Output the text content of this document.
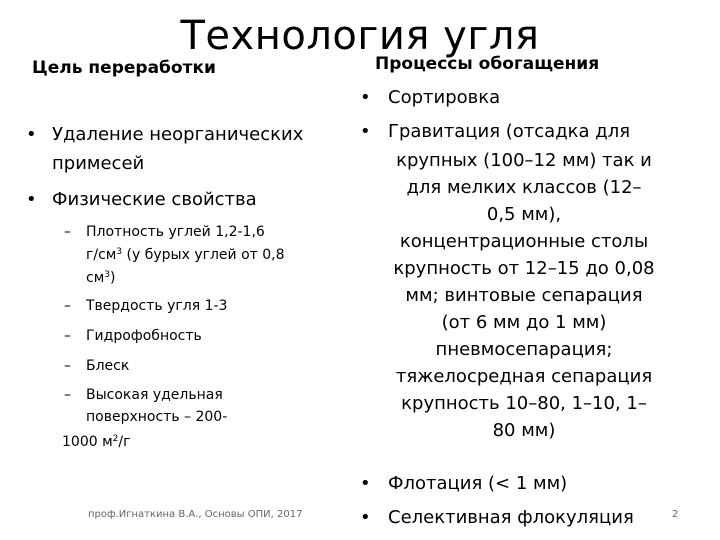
Технология угля
Цель переработки	Процессы обогащения
• Удаление неорганических
примесей
• Физические свойства
– Плотность углей 1,2-1,6
$г/см^3$ (у бурых углей от 0,8
$см^3$)
– Твердость угля 1-3
– Гидрофобность
– Блеск
– Высокая удельная
поверхность – 200-
1000 $м^2/г$
• Сортировка
• Гравитация (отсадка для
крупных (100–12 мм) так и
для мелких классов (12–
0,5 мм),
концентрационные столы
крупность от 12–15 до 0,08
мм; винтовые сепарация
(от 6 мм до 1 мм)
пневмосепарация;
тяжелосредная сепарация
крупность 10–80, 1–10, 1–
80 мм)
• Флотация (< 1 мм)
• Селективная флокуляция
проф.Игнаткина В.А., Основы ОПИ, 2017	2
